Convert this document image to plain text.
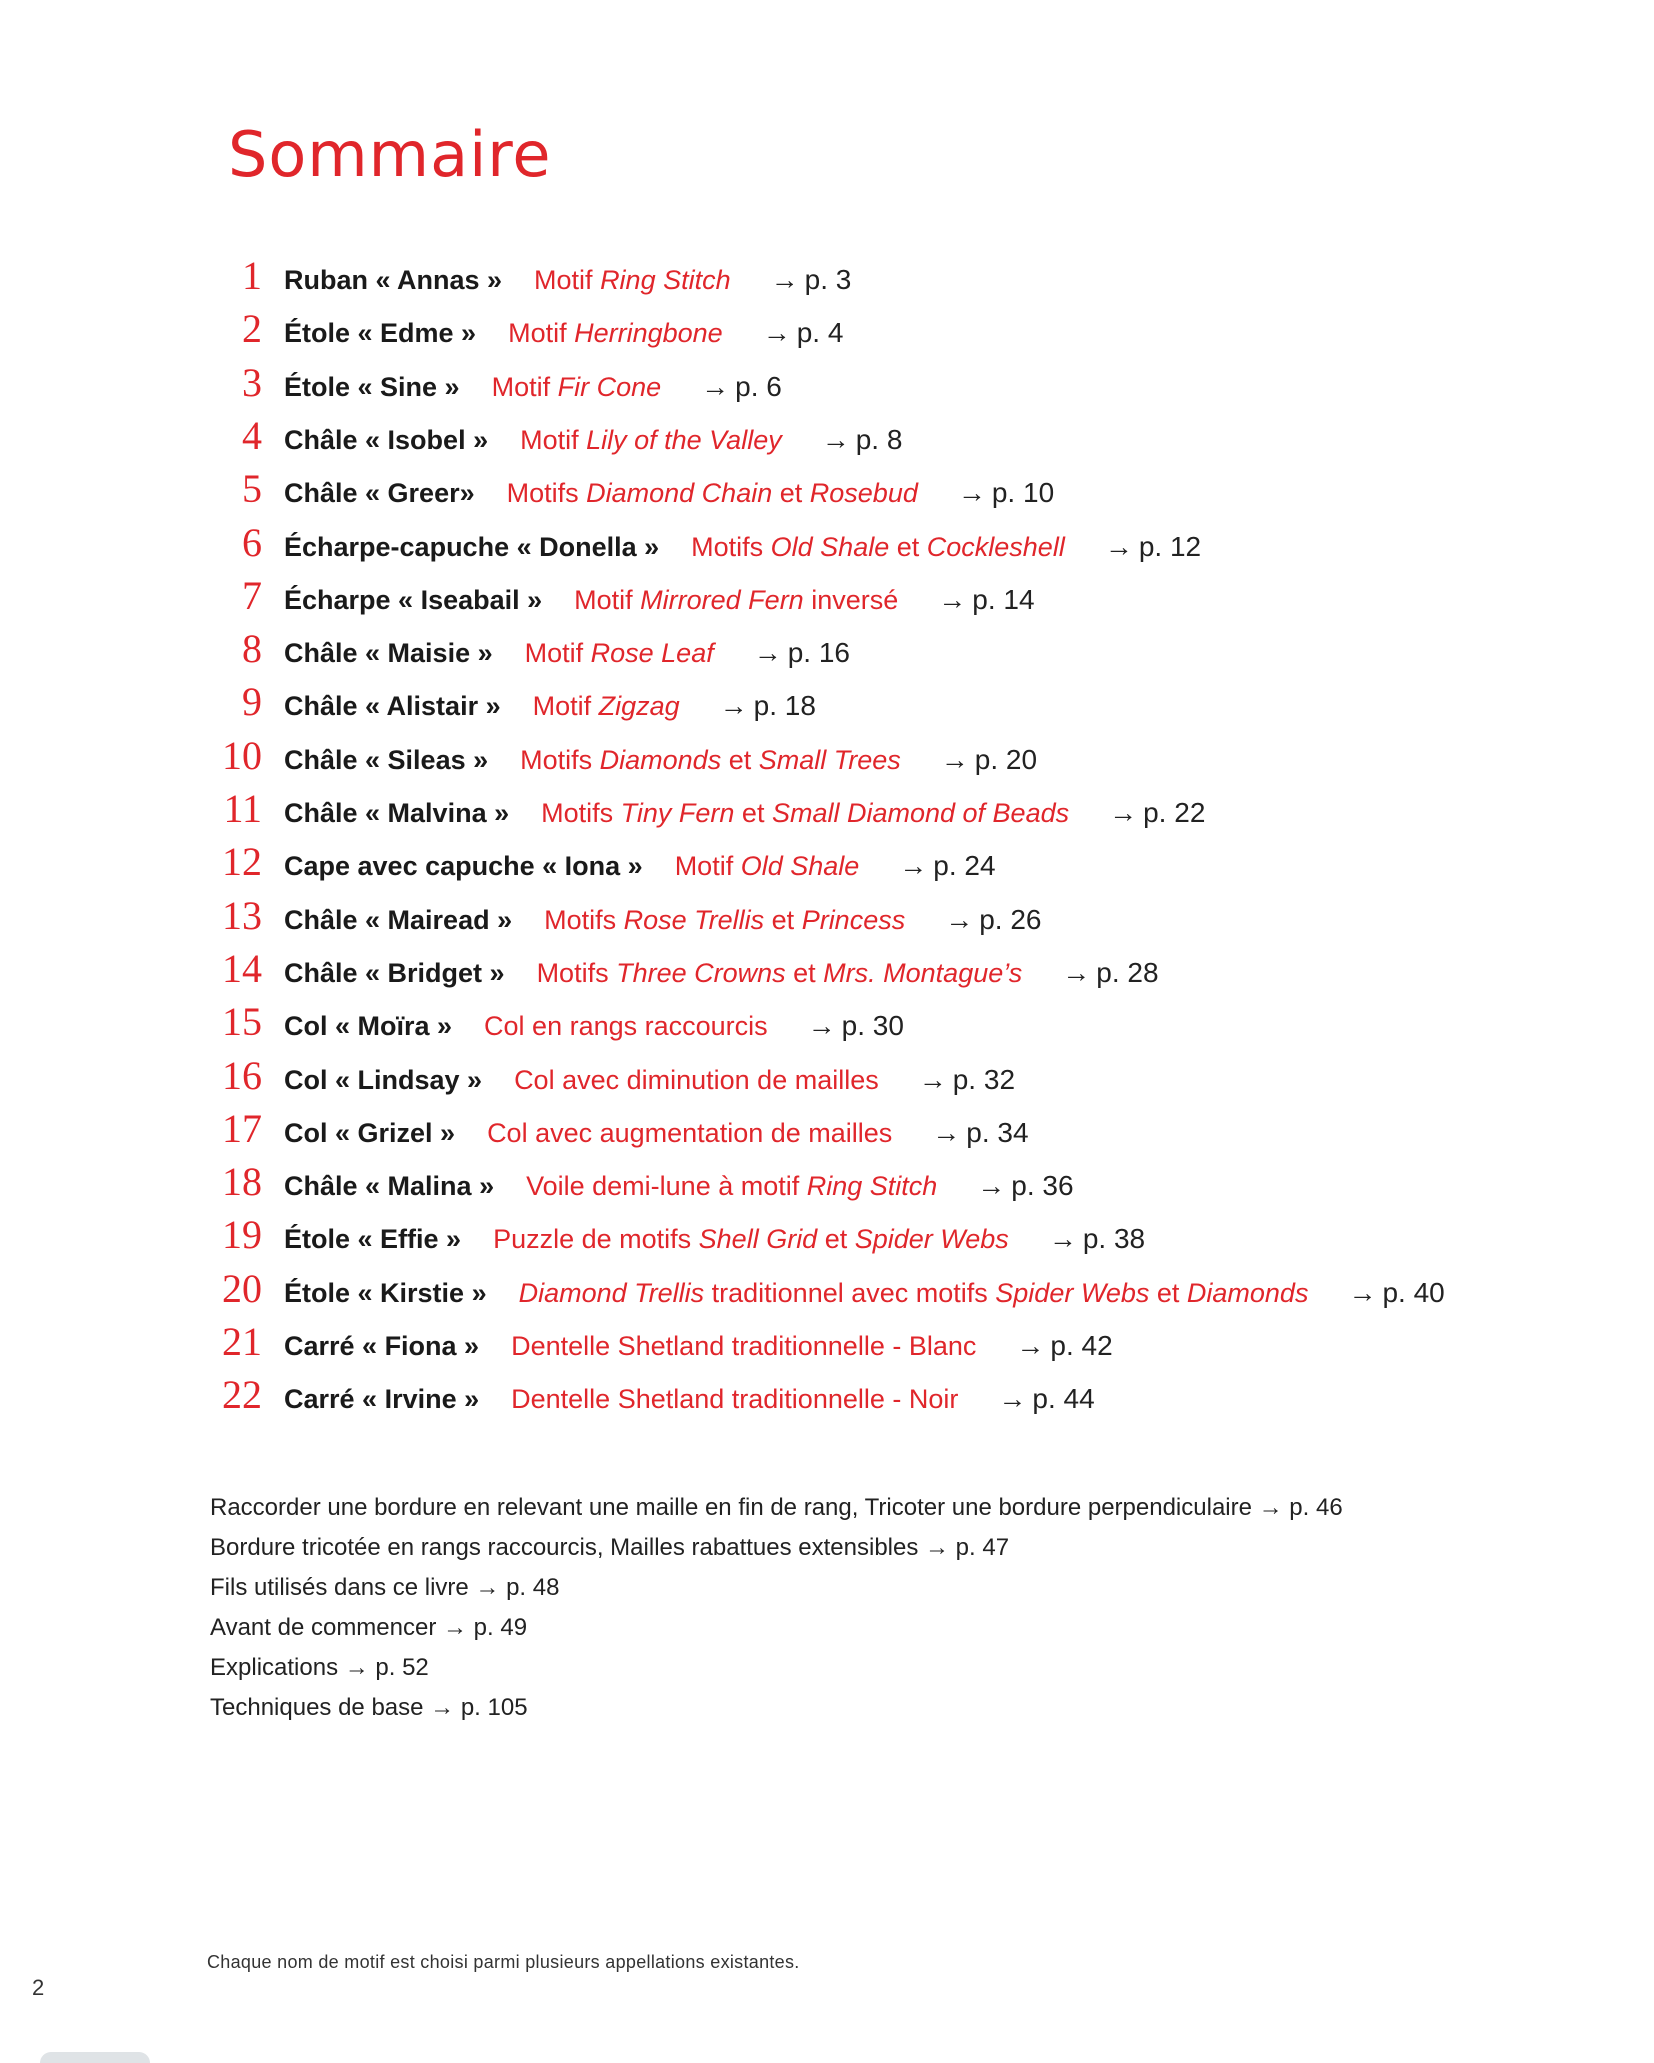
Sommaire
1 Ruban « Annas » Motif Ring Stitch → p. 3
2 Étole « Edme » Motif Herringbone → p. 4
3 Étole « Sine » Motif Fir Cone → p. 6
4 Châle « Isobel » Motif Lily of the Valley → p. 8
5 Châle « Greer» Motifs Diamond Chain et Rosebud → p. 10
6 Écharpe-capuche « Donella » Motifs Old Shale et Cockleshell → p. 12
7 Écharpe « Iseabail » Motif Mirrored Fern inversé → p. 14
8 Châle « Maisie » Motif Rose Leaf → p. 16
9 Châle « Alistair » Motif Zigzag → p. 18
10 Châle « Sileas » Motifs Diamonds et Small Trees → p. 20
11 Châle « Malvina » Motifs Tiny Fern et Small Diamond of Beads → p. 22
12 Cape avec capuche « Iona » Motif Old Shale → p. 24
13 Châle « Mairead » Motifs Rose Trellis et Princess → p. 26
14 Châle « Bridget » Motifs Three Crowns et Mrs. Montague’s → p. 28
15 Col « Moïra » Col en rangs raccourcis → p. 30
16 Col « Lindsay » Col avec diminution de mailles → p. 32
17 Col « Grizel » Col avec augmentation de mailles → p. 34
18 Châle « Malina » Voile demi-lune à motif Ring Stitch → p. 36
19 Étole « Effie » Puzzle de motifs Shell Grid et Spider Webs → p. 38
20 Étole « Kirstie » Diamond Trellis traditionnel avec motifs Spider Webs et Diamonds → p. 40
21 Carré « Fiona » Dentelle Shetland traditionnelle - Blanc → p. 42
22 Carré « Irvine » Dentelle Shetland traditionnelle - Noir → p. 44
Raccorder une bordure en relevant une maille en fin de rang, Tricoter une bordure perpendiculaire → p. 46
Bordure tricotée en rangs raccourcis, Mailles rabattues extensibles → p. 47
Fils utilisés dans ce livre → p. 48
Avant de commencer → p. 49
Explications → p. 52
Techniques de base → p. 105
Chaque nom de motif est choisi parmi plusieurs appellations existantes.
2
